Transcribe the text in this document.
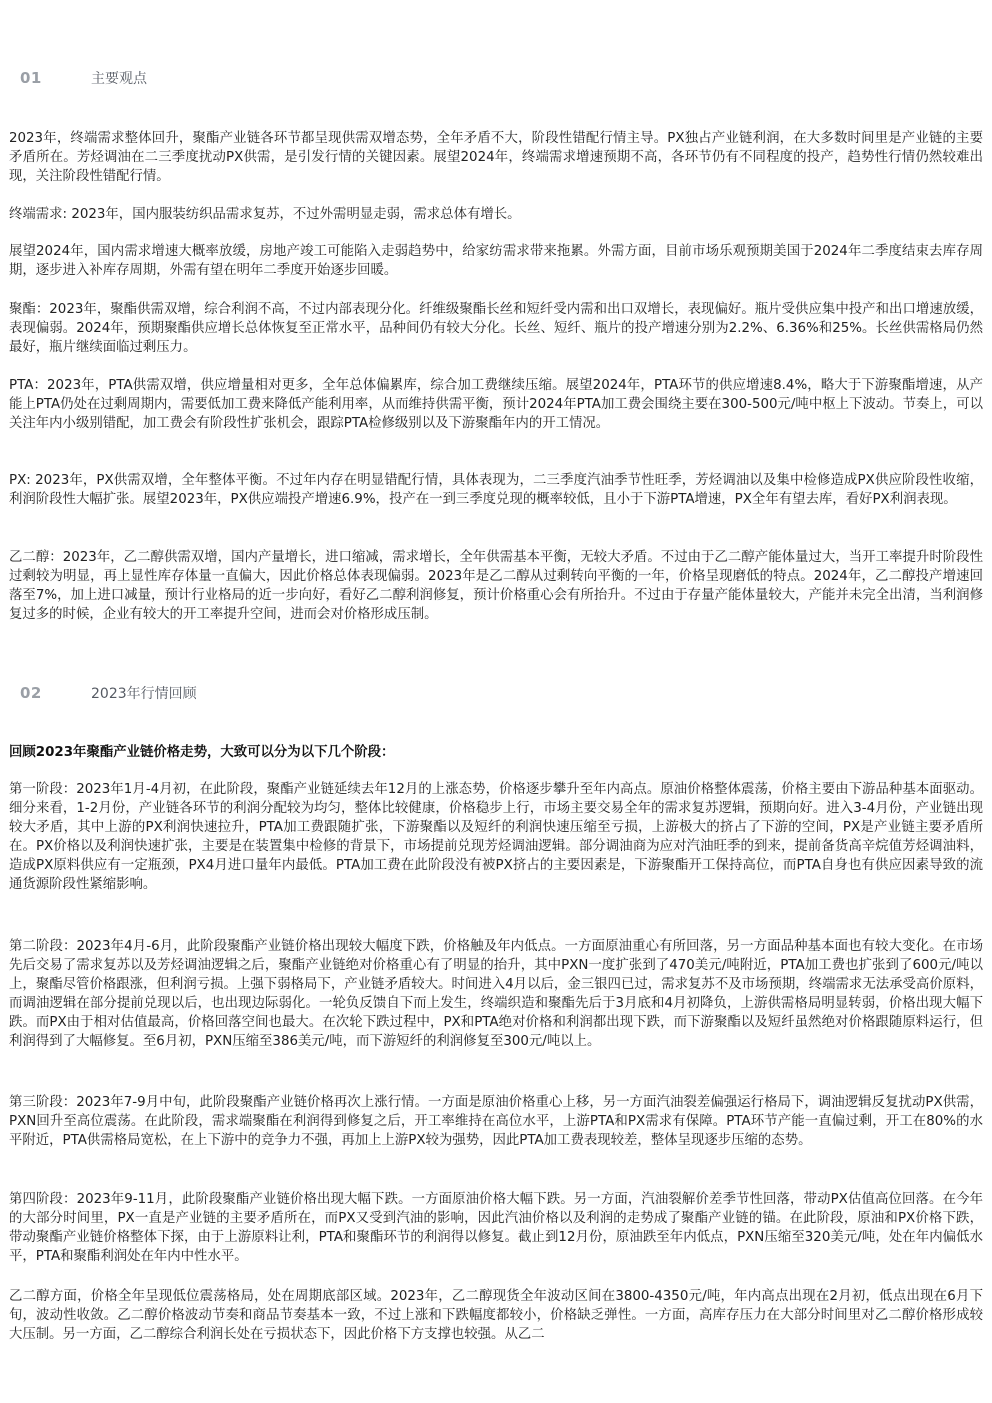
01	主要观点

2023年，终端需求整体回升，聚酯产业链各环节都呈现供需双增态势，全年矛盾不大，阶段性错配行情主导。PX独占产业链利润，在大多数时间里是产业链的主要矛盾所在。芳烃调油在二三季度扰动PX供需，是引发行情的关键因素。展望2024年，终端需求增速预期不高，各环节仍有不同程度的投产，趋势性行情仍然较难出现，关注阶段性错配行情。

终端需求: 2023年，国内服装纺织品需求复苏，不过外需明显走弱，需求总体有增长。

展望2024年，国内需求增速大概率放缓，房地产竣工可能陷入走弱趋势中，给家纺需求带来拖累。外需方面，目前市场乐观预期美国于2024年二季度结束去库存周期，逐步进入补库存周期，外需有望在明年二季度开始逐步回暖。

聚酯：2023年，聚酯供需双增，综合利润不高，不过内部表现分化。纤维级聚酯长丝和短纤受内需和出口双增长，表现偏好。瓶片受供应集中投产和出口增速放缓，表现偏弱。2024年，预期聚酯供应增长总体恢复至正常水平，品种间仍有较大分化。长丝、短纤、瓶片的投产增速分别为2.2%、6.36%和25%。长丝供需格局仍然最好，瓶片继续面临过剩压力。

PTA：2023年，PTA供需双增，供应增量相对更多，全年总体偏累库，综合加工费继续压缩。展望2024年，PTA环节的供应增速8.4%，略大于下游聚酯增速，从产能上PTA仍处在过剩周期内，需要低加工费来降低产能利用率，从而维持供需平衡，预计2024年PTA加工费会围绕主要在300-500元/吨中枢上下波动。节奏上，可以关注年内小级别错配，加工费会有阶段性扩张机会，跟踪PTA检修级别以及下游聚酯年内的开工情况。

PX: 2023年，PX供需双增，全年整体平衡。不过年内存在明显错配行情，具体表现为，二三季度汽油季节性旺季，芳烃调油以及集中检修造成PX供应阶段性收缩，利润阶段性大幅扩张。展望2023年，PX供应端投产增速6.9%，投产在一到三季度兑现的概率较低，且小于下游PTA增速，PX全年有望去库，看好PX利润表现。

乙二醇：2023年，乙二醇供需双增，国内产量增长，进口缩减，需求增长，全年供需基本平衡，无较大矛盾。不过由于乙二醇产能体量过大，当开工率提升时阶段性过剩较为明显，再上显性库存体量一直偏大，因此价格总体表现偏弱。2023年是乙二醇从过剩转向平衡的一年，价格呈现磨低的特点。2024年，乙二醇投产增速回落至7%，加上进口减量，预计行业格局的近一步向好，看好乙二醇利润修复，预计价格重心会有所抬升。不过由于存量产能体量较大，产能并未完全出清，当利润修复过多的时候，企业有较大的开工率提升空间，进而会对价格形成压制。

02	2023年行情回顾

回顾2023年聚酯产业链价格走势，大致可以分为以下几个阶段：

第一阶段：2023年1月-4月初，在此阶段，聚酯产业链延续去年12月的上涨态势，价格逐步攀升至年内高点。原油价格整体震荡，价格主要由下游品种基本面驱动。细分来看，1-2月份，产业链各环节的利润分配较为均匀，整体比较健康，价格稳步上行，市场主要交易全年的需求复苏逻辑，预期向好。进入3-4月份，产业链出现较大矛盾，其中上游的PX利润快速拉升，PTA加工费跟随扩张，下游聚酯以及短纤的利润快速压缩至亏损，上游极大的挤占了下游的空间，PX是产业链主要矛盾所在。PX价格以及利润快速扩张，主要是在装置集中检修的背景下，市场提前兑现芳烃调油逻辑。部分调油商为应对汽油旺季的到来，提前备货高辛烷值芳烃调油料，造成PX原料供应有一定瓶颈，PX4月进口量年内最低。PTA加工费在此阶段没有被PX挤占的主要因素是，下游聚酯开工保持高位，而PTA自身也有供应因素导致的流通货源阶段性紧缩影响。

第二阶段：2023年4月-6月，此阶段聚酯产业链价格出现较大幅度下跌，价格触及年内低点。一方面原油重心有所回落，另一方面品种基本面也有较大变化。在市场先后交易了需求复苏以及芳烃调油逻辑之后，聚酯产业链绝对价格重心有了明显的抬升，其中PXN一度扩张到了470美元/吨附近，PTA加工费也扩张到了600元/吨以上，聚酯尽管价格跟涨，但利润亏损。上强下弱格局下，产业链矛盾较大。时间进入4月以后，金三银四已过，需求复苏不及市场预期，终端需求无法承受高价原料，而调油逻辑在部分提前兑现以后，也出现边际弱化。一轮负反馈自下而上发生，终端织造和聚酯先后于3月底和4月初降负，上游供需格局明显转弱，价格出现大幅下跌。而PX由于相对估值最高，价格回落空间也最大。在次轮下跌过程中，PX和PTA绝对价格和利润都出现下跌，而下游聚酯以及短纤虽然绝对价格跟随原料运行，但利润得到了大幅修复。至6月初，PXN压缩至386美元/吨，而下游短纤的利润修复至300元/吨以上。

第三阶段：2023年7-9月中旬，此阶段聚酯产业链价格再次上涨行情。一方面是原油价格重心上移，另一方面汽油裂差偏强运行格局下，调油逻辑反复扰动PX供需，PXN回升至高位震荡。在此阶段，需求端聚酯在利润得到修复之后，开工率维持在高位水平，上游PTA和PX需求有保障。PTA环节产能一直偏过剩，开工在80%的水平附近，PTA供需格局宽松，在上下游中的竞争力不强，再加上上游PX较为强势，因此PTA加工费表现较差，整体呈现逐步压缩的态势。

第四阶段：2023年9-11月，此阶段聚酯产业链价格出现大幅下跌。一方面原油价格大幅下跌。另一方面，汽油裂解价差季节性回落，带动PX估值高位回落。在今年的大部分时间里，PX一直是产业链的主要矛盾所在，而PX又受到汽油的影响，因此汽油价格以及利润的走势成了聚酯产业链的锚。在此阶段，原油和PX价格下跌，带动聚酯产业链价格整体下探，由于上游原料让利，PTA和聚酯环节的利润得以修复。截止到12月份，原油跌至年内低点，PXN压缩至320美元/吨，处在年内偏低水平，PTA和聚酯利润处在年内中性水平。

乙二醇方面，价格全年呈现低位震荡格局，处在周期底部区域。2023年，乙二醇现货全年波动区间在3800-4350元/吨，年内高点出现在2月初，低点出现在6月下旬，波动性收敛。乙二醇价格波动节奏和商品节奏基本一致，不过上涨和下跌幅度都较小，价格缺乏弹性。一方面，高库存压力在大部分时间里对乙二醇价格形成较大压制。另一方面，乙二醇综合利润长处在亏损状态下，因此价格下方支撑也较强。从乙二
